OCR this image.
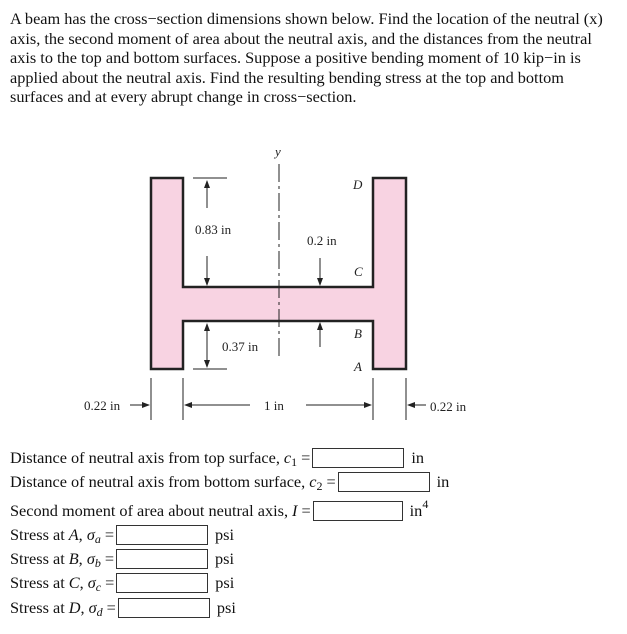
A beam has the cross−section dimensions shown below. Find the location of the neutral (x) axis, the second moment of area about the neutral axis, and the distances from the neutral axis to the top and bottom surfaces. Suppose a positive bending moment of 10 kip−in is applied about the neutral axis. Find the resulting bending stress at the top and bottom surfaces and at every abrupt change in cross−section.
y
0.83 in
0.2 in
0.37 in
0.22 in	1 in	0.22 in
D
C
B
A
Distance of neutral axis from top surface, $c_1$ =	in
Distance of neutral axis from bottom surface, $c_2$ =	in
Second moment of area about neutral axis, I =	$in^4$
Stress at A , σ $_a$ =	psi
Stress at B , σ $_b$ =	psi
Stress at C , σ $_c$ =	psi
Stress at D , σ $_d$ =	psi
